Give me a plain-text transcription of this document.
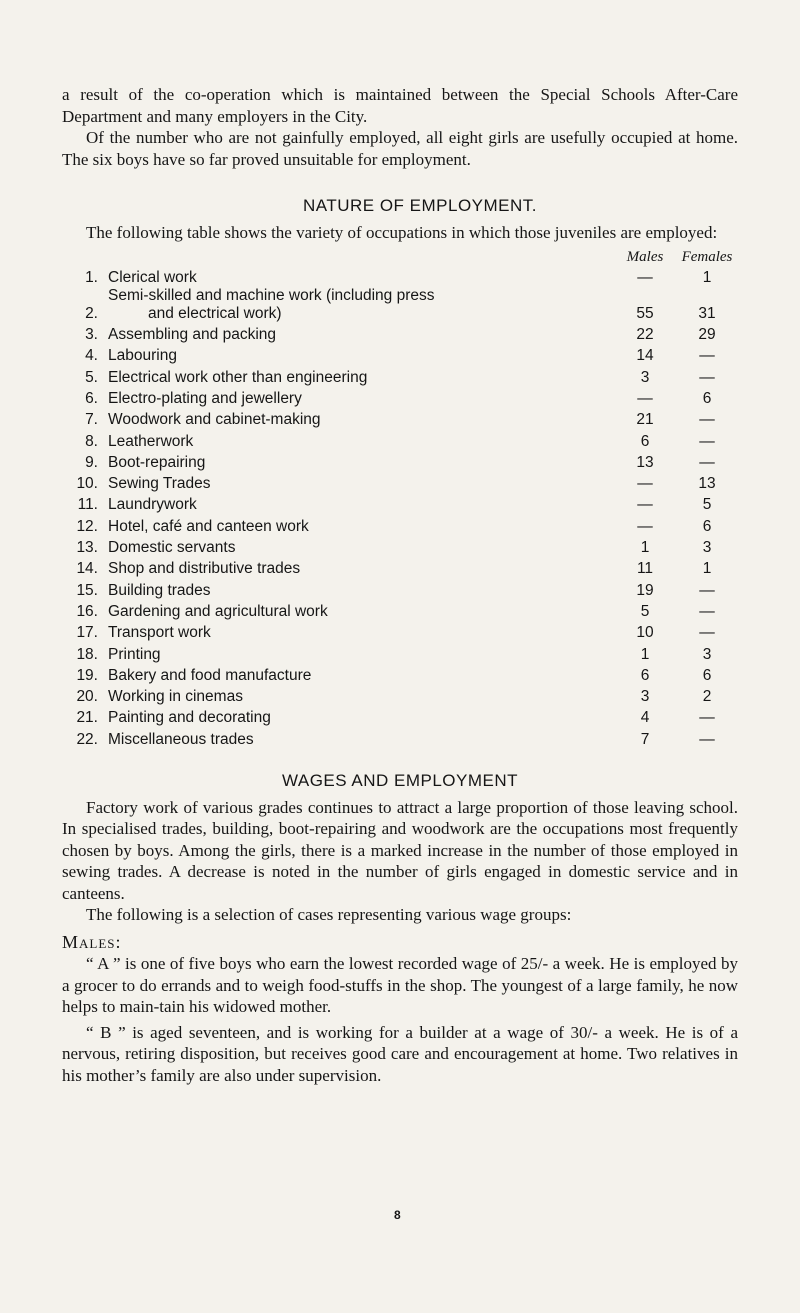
a result of the co-operation which is maintained between the Special Schools After-Care Department and many employers in the City.

Of the number who are not gainfully employed, all eight girls are usefully occupied at home. The six boys have so far proved unsuitable for employment.

NATURE OF EMPLOYMENT.

The following table shows the variety of occupations in which those juveniles are employed:

		Males	Females
1.	Clerical work	—	1
2.	Semi-skilled and machine work (including press
and electrical work)	55	31
3.	Assembling and packing	22	29
4.	Labouring	14	—
5.	Electrical work other than engineering	3	—
6.	Electro-plating and jewellery	—	6
7.	Woodwork and cabinet-making	21	—
8.	Leatherwork	6	—
9.	Boot-repairing	13	—
10.	Sewing Trades	—	13
11.	Laundrywork	—	5
12.	Hotel, café and canteen work	—	6
13.	Domestic servants	1	3
14.	Shop and distributive trades	11	1
15.	Building trades	19	—
16.	Gardening and agricultural work	5	—
17.	Transport work	10	—
18.	Printing	1	3
19.	Bakery and food manufacture	6	6
20.	Working in cinemas	3	2
21.	Painting and decorating	4	—
22.	Miscellaneous trades	7	—
WAGES AND EMPLOYMENT

Factory work of various grades continues to attract a large proportion of those leaving school. In specialised trades, building, boot-repairing and woodwork are the occupations most frequently chosen by boys. Among the girls, there is a marked increase in the number of those employed in sewing trades. A decrease is noted in the number of girls engaged in domestic service and in canteens.

The following is a selection of cases representing various wage groups:

Males:

“ A ” is one of five boys who earn the lowest recorded wage of 25/- a week. He is employed by a grocer to do errands and to weigh food-stuffs in the shop. The youngest of a large family, he now helps to main-tain his widowed mother.

“ B ” is aged seventeen, and is working for a builder at a wage of 30/- a week. He is of a nervous, retiring disposition, but receives good care and encouragement at home. Two relatives in his mother’s family are also under supervision.

8
